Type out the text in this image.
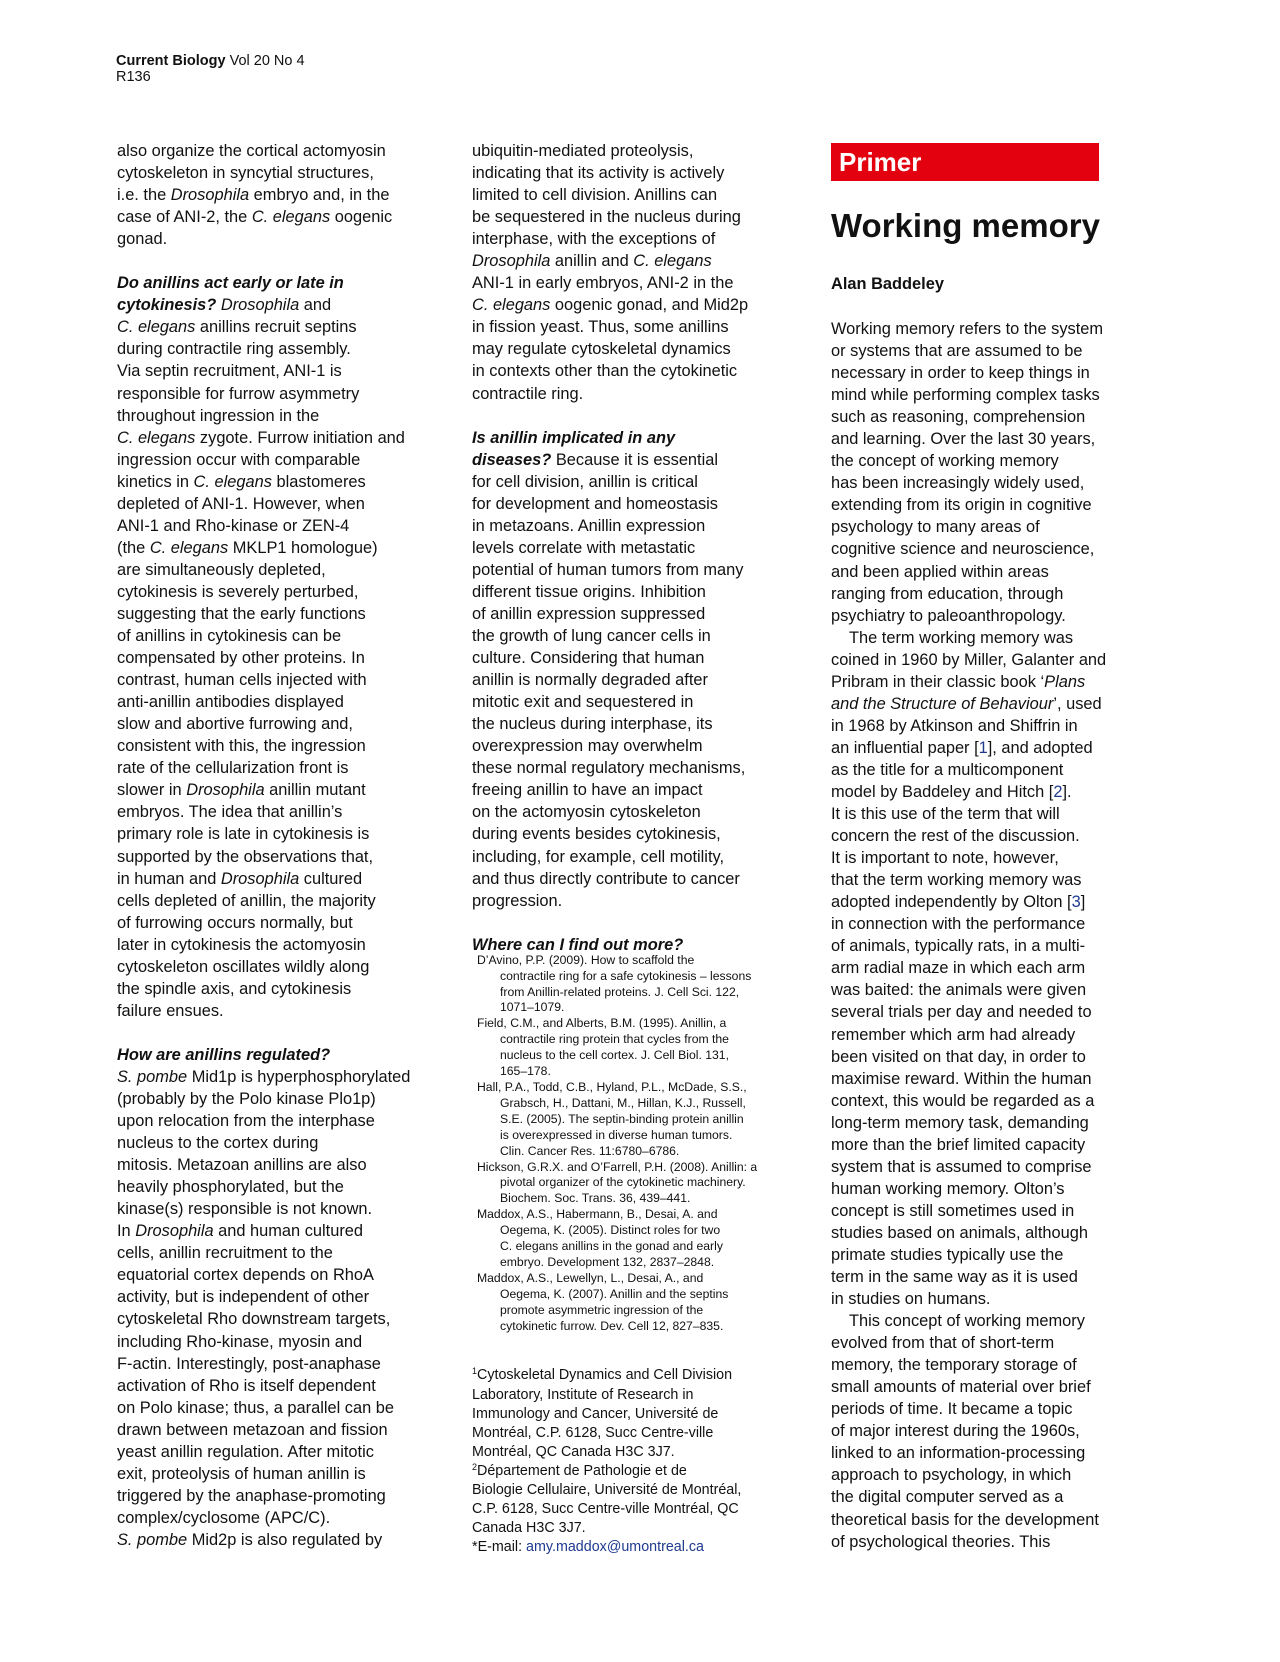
Current Biology Vol 20 No 4
R136
also organize the cortical actomyosin
cytoskeleton in syncytial structures,
i.e. the Drosophila embryo and, in the
case of ANI-2, the C. elegans oogenic
gonad.
Do anillins act early or late in
cytokinesis? Drosophila and
C. elegans anillins recruit septins
during contractile ring assembly.
Via septin recruitment, ANI-1 is
responsible for furrow asymmetry
throughout ingression in the
C. elegans zygote. Furrow initiation and
ingression occur with comparable
kinetics in C. elegans blastomeres
depleted of ANI-1. However, when
ANI-1 and Rho-kinase or ZEN-4
(the C. elegans MKLP1 homologue)
are simultaneously depleted,
cytokinesis is severely perturbed,
suggesting that the early functions
of anillins in cytokinesis can be
compensated by other proteins. In
contrast, human cells injected with
anti-anillin antibodies displayed
slow and abortive furrowing and,
consistent with this, the ingression
rate of the cellularization front is
slower in Drosophila anillin mutant
embryos. The idea that anillin’s
primary role is late in cytokinesis is
supported by the observations that,
in human and Drosophila cultured
cells depleted of anillin, the majority
of furrowing occurs normally, but
later in cytokinesis the actomyosin
cytoskeleton oscillates wildly along
the spindle axis, and cytokinesis
failure ensues.
How are anillins regulated?
S. pombe Mid1p is hyperphosphorylated
(probably by the Polo kinase Plo1p)
upon relocation from the interphase
nucleus to the cortex during
mitosis. Metazoan anillins are also
heavily phosphorylated, but the
kinase(s) responsible is not known.
In Drosophila and human cultured
cells, anillin recruitment to the
equatorial cortex depends on RhoA
activity, but is independent of other
cytoskeletal Rho downstream targets,
including Rho-kinase, myosin and
F-actin. Interestingly, post-anaphase
activation of Rho is itself dependent
on Polo kinase; thus, a parallel can be
drawn between metazoan and fission
yeast anillin regulation. After mitotic
exit, proteolysis of human anillin is
triggered by the anaphase-promoting
complex/cyclosome (APC/C).
S. pombe Mid2p is also regulated by
ubiquitin-mediated proteolysis,
indicating that its activity is actively
limited to cell division. Anillins can
be sequestered in the nucleus during
interphase, with the exceptions of
Drosophila anillin and C. elegans
ANI-1 in early embryos, ANI-2 in the
C. elegans oogenic gonad, and Mid2p
in fission yeast. Thus, some anillins
may regulate cytoskeletal dynamics
in contexts other than the cytokinetic
contractile ring.
Is anillin implicated in any
diseases? Because it is essential
for cell division, anillin is critical
for development and homeostasis
in metazoans. Anillin expression
levels correlate with metastatic
potential of human tumors from many
different tissue origins. Inhibition
of anillin expression suppressed
the growth of lung cancer cells in
culture. Considering that human
anillin is normally degraded after
mitotic exit and sequestered in
the nucleus during interphase, its
overexpression may overwhelm
these normal regulatory mechanisms,
freeing anillin to have an impact
on the actomyosin cytoskeleton
during events besides cytokinesis,
including, for example, cell motility,
and thus directly contribute to cancer
progression.
Where can I find out more?
D’Avino, P.P. (2009). How to scaffold the
contractile ring for a safe cytokinesis – lessons
from Anillin-related proteins. J. Cell Sci. 122,
1071–1079.
Field, C.M., and Alberts, B.M. (1995). Anillin, a
contractile ring protein that cycles from the
nucleus to the cell cortex. J. Cell Biol. 131,
165–178.
Hall, P.A., Todd, C.B., Hyland, P.L., McDade, S.S.,
Grabsch, H., Dattani, M., Hillan, K.J., Russell,
S.E. (2005). The septin-binding protein anillin
is overexpressed in diverse human tumors.
Clin. Cancer Res. 11:6780–6786.
Hickson, G.R.X. and O’Farrell, P.H. (2008). Anillin: a
pivotal organizer of the cytokinetic machinery.
Biochem. Soc. Trans. 36, 439–441.
Maddox, A.S., Habermann, B., Desai, A. and
Oegema, K. (2005). Distinct roles for two
C. elegans anillins in the gonad and early
embryo. Development 132, 2837–2848.
Maddox, A.S., Lewellyn, L., Desai, A., and
Oegema, K. (2007). Anillin and the septins
promote asymmetric ingression of the
cytokinetic furrow. Dev. Cell 12, 827–835.
$^1$Cytoskeletal Dynamics and Cell Division
Laboratory, Institute of Research in
Immunology and Cancer, Université de
Montréal, C.P. 6128, Succ Centre-ville
Montréal, QC Canada H3C 3J7.
$^2$Département de Pathologie et de
Biologie Cellulaire, Université de Montréal,
C.P. 6128, Succ Centre-ville Montréal, QC
Canada H3C 3J7.
*E-mail: amy.maddox@umontreal.ca
Primer
Working memory
Alan Baddeley
Working memory refers to the system
or systems that are assumed to be
necessary in order to keep things in
mind while performing complex tasks
such as reasoning, comprehension
and learning. Over the last 30 years,
the concept of working memory
has been increasingly widely used,
extending from its origin in cognitive
psychology to many areas of
cognitive science and neuroscience,
and been applied within areas
ranging from education, through
psychiatry to paleoanthropology.
The term working memory was
coined in 1960 by Miller, Galanter and
Pribram in their classic book ‘Plans
and the Structure of Behaviour’, used
in 1968 by Atkinson and Shiffrin in
an influential paper [1], and adopted
as the title for a multicomponent
model by Baddeley and Hitch [2].
It is this use of the term that will
concern the rest of the discussion.
It is important to note, however,
that the term working memory was
adopted independently by Olton [3]
in connection with the performance
of animals, typically rats, in a multi-
arm radial maze in which each arm
was baited: the animals were given
several trials per day and needed to
remember which arm had already
been visited on that day, in order to
maximise reward. Within the human
context, this would be regarded as a
long-term memory task, demanding
more than the brief limited capacity
system that is assumed to comprise
human working memory. Olton’s
concept is still sometimes used in
studies based on animals, although
primate studies typically use the
term in the same way as it is used
in studies on humans.
This concept of working memory
evolved from that of short-term
memory, the temporary storage of
small amounts of material over brief
periods of time. It became a topic
of major interest during the 1960s,
linked to an information-processing
approach to psychology, in which
the digital computer served as a
theoretical basis for the development
of psychological theories. This
